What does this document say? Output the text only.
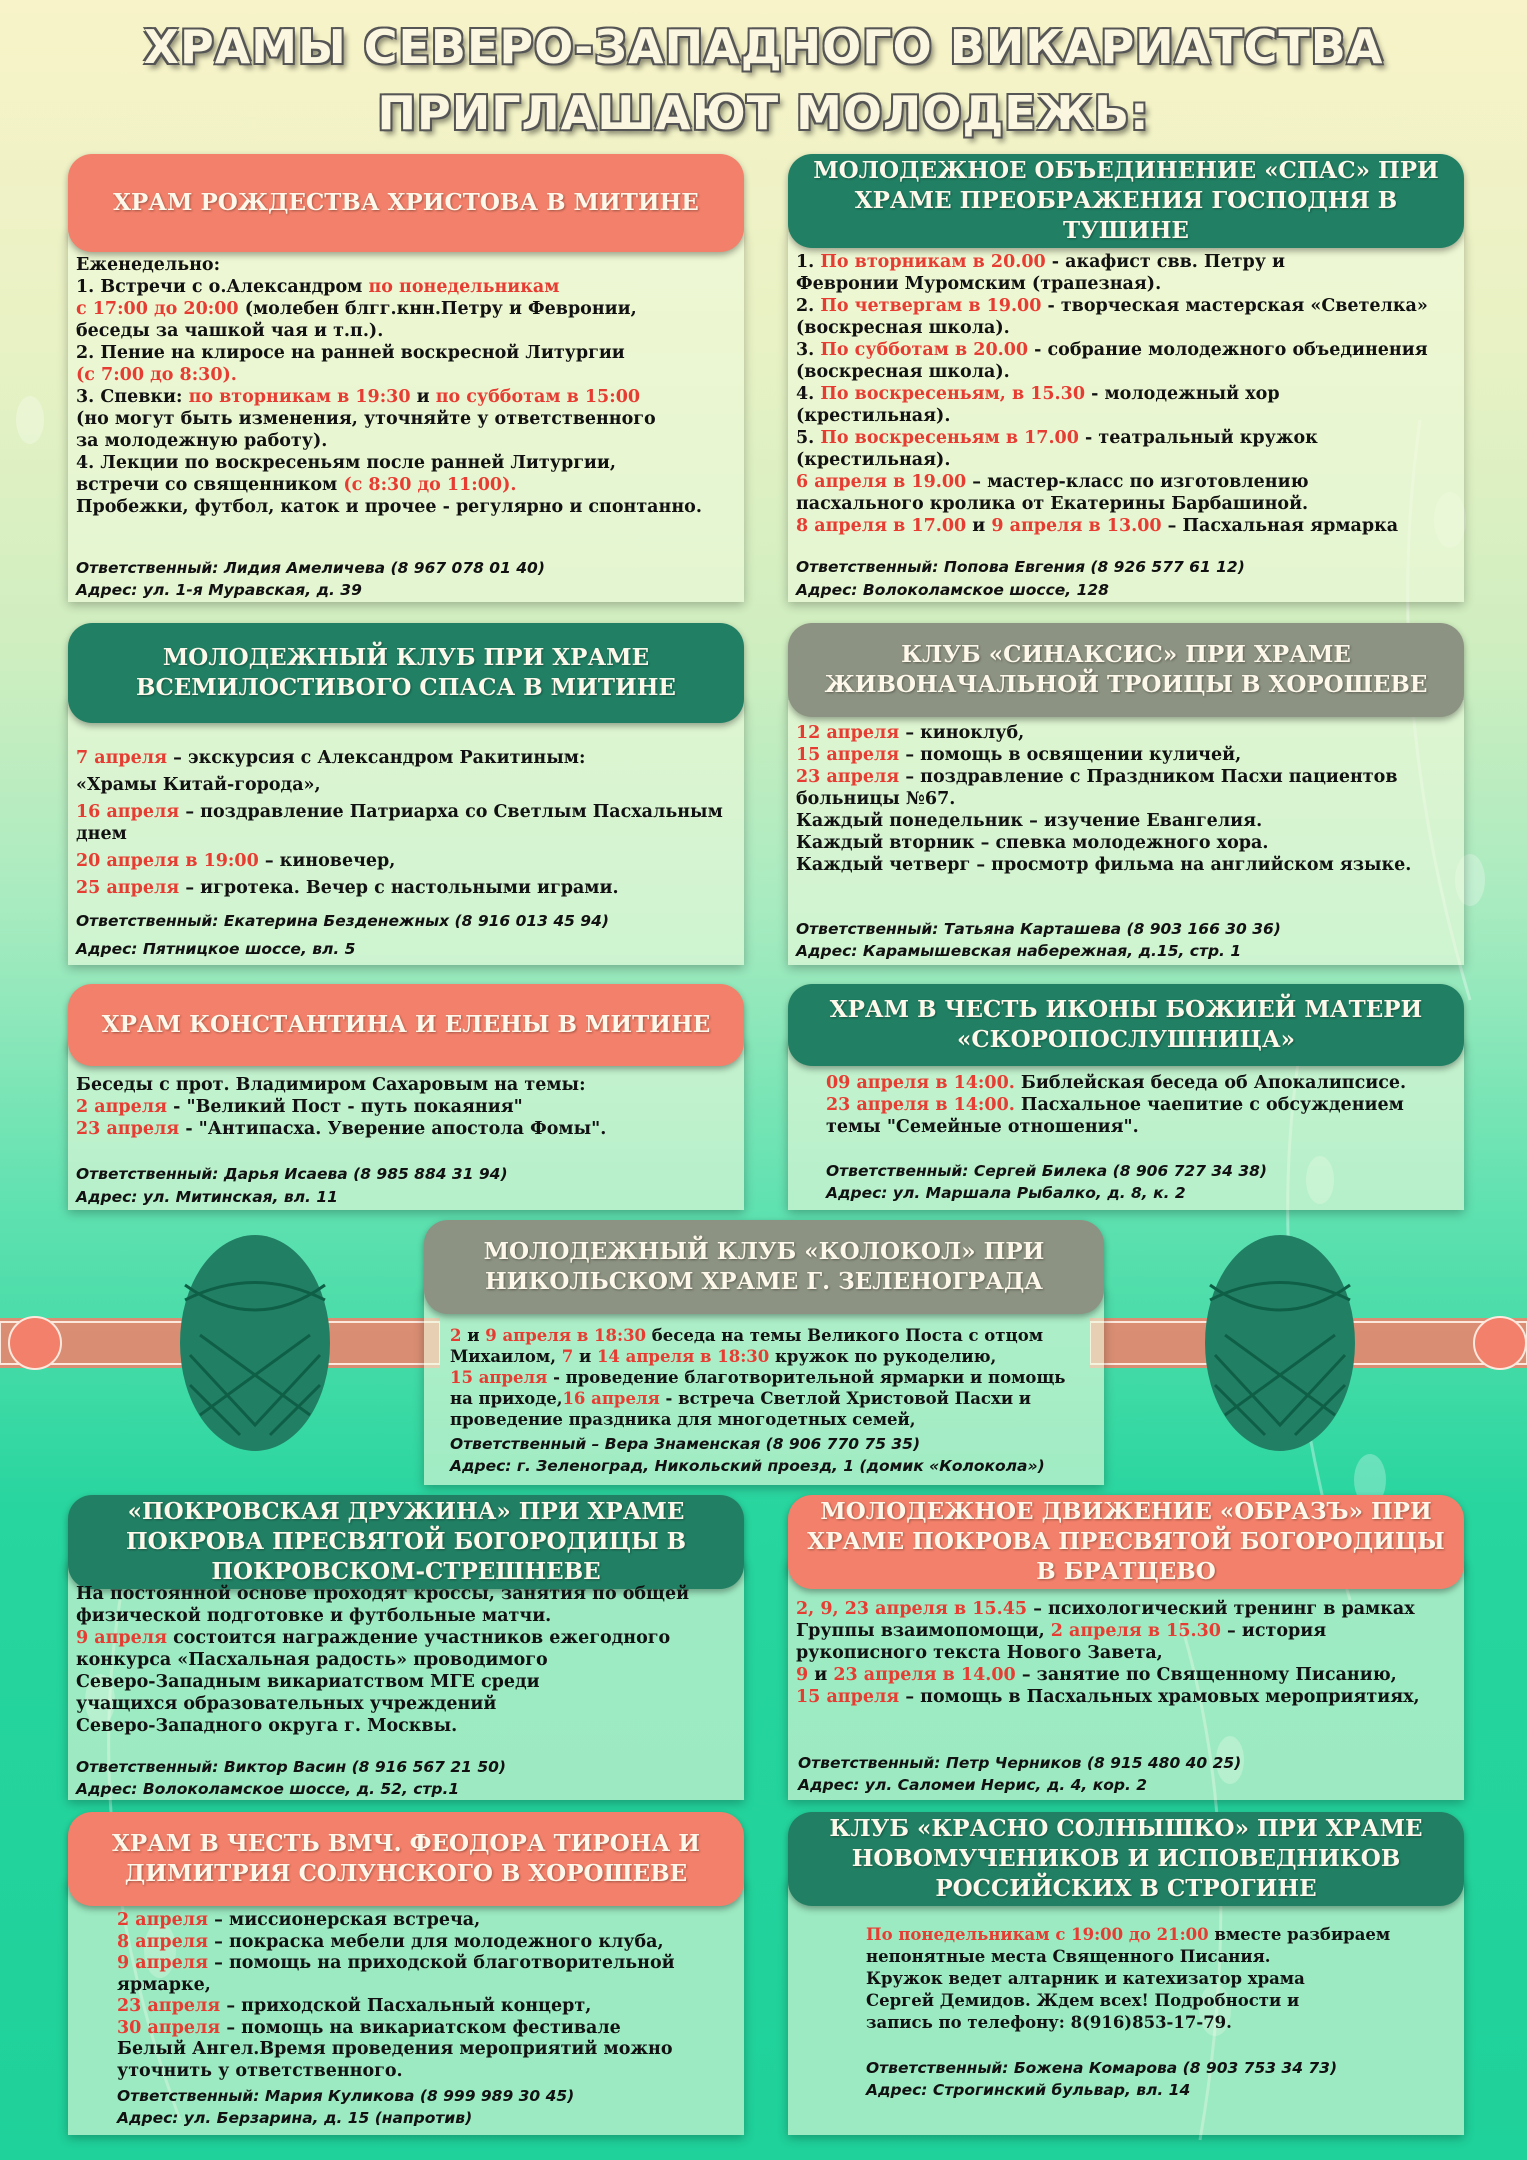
ХРАМЫ СЕВЕРО-ЗАПАДНОГО ВИКАРИАТСТВА
ПРИГЛАШАЮТ МОЛОДЕЖЬ:
ХРАМ РОЖДЕСТВА ХРИСТОВА В МИТИНЕ

Еженедельно:

1. Встречи с о.Александром по понедельникам

с 17:00 до 20:00 (молебен блгг.кнн.Петру и Февронии,

беседы за чашкой чая и т.п.).

2. Пение на клиросе на ранней воскресной Литургии

(с 7:00 до 8:30).

3. Спевки: по вторникам в 19:30 и по субботам в 15:00

(но могут быть изменения, уточняйте у ответственного

за молодежную работу).

4. Лекции по воскресеньям после ранней Литургии,

встречи со священником (с 8:30 до 11:00).

Пробежки, футбол, каток и прочее - регулярно и спонтанно.

Ответственный: Лидия Амеличева (8 967 078 01 40)
Адрес: ул. 1-я Муравская, д. 39
МОЛОДЕЖНОЕ ОБЪЕДИНЕНИЕ «СПАС» ПРИ ХРАМЕ ПРЕОБРАЖЕНИЯ ГОСПОДНЯ В ТУШИНЕ

1. По вторникам в 20.00 - акафист свв. Петру и

Февронии Муромским (трапезная).

2. По четвергам в 19.00 - творческая мастерская «Светелка»

(воскресная школа).

3. По субботам в 20.00 - собрание молодежного объединения

(воскресная школа).

4. По воскресеньям, в 15.30 - молодежный хор

(крестильная).

5. По воскресеньям в 17.00 - театральный кружок

(крестильная).

6 апреля в 19.00 – мастер-класс по изготовлению

пасхального кролика от Екатерины Барбашиной.

8 апреля в 17.00 и 9 апреля в 13.00 – Пасхальная ярмарка

Ответственный: Попова Евгения (8 926 577 61 12)
Адрес: Волоколамское шоссе, 128
МОЛОДЕЖНЫЙ КЛУБ ПРИ ХРАМЕ ВСЕМИЛОСТИВОГО СПАСА В МИТИНЕ

7 апреля – экскурсия с Александром Ракитиным:

«Храмы Китай-города»,

16 апреля – поздравление Патриарха со Светлым Пасхальным днем

20 апреля в 19:00 – киновечер,

25 апреля – игротека. Вечер с настольными играми.

Ответственный: Екатерина Безденежных (8 916 013 45 94)
Адрес: Пятницкое шоссе, вл. 5
КЛУБ «СИНАКСИС» ПРИ ХРАМЕ ЖИВОНАЧАЛЬНОЙ ТРОИЦЫ В ХОРОШЕВЕ

12 апреля – киноклуб,

15 апреля – помощь в освящении куличей,

23 апреля – поздравление с Праздником Пасхи пациентов

больницы №67.

Каждый понедельник – изучение Евангелия.

Каждый вторник – спевка молодежного хора.

Каждый четверг – просмотр фильма на английском языке.

Ответственный: Татьяна Карташева (8 903 166 30 36)
Адрес: Карамышевская набережная, д.15, стр. 1
ХРАМ КОНСТАНТИНА И ЕЛЕНЫ В МИТИНЕ

Беседы с прот. Владимиром Сахаровым на темы:

2 апреля - "Великий Пост - путь покаяния"

23 апреля - "Антипасха. Уверение апостола Фомы".

Ответственный: Дарья Исаева (8 985 884 31 94)
Адрес: ул. Митинская, вл. 11
ХРАМ В ЧЕСТЬ ИКОНЫ БОЖИЕЙ МАТЕРИ «СКОРОПОСЛУШНИЦА»

09 апреля в 14:00. Библейская беседа об Апокалипсисе.

23 апреля в 14:00. Пасхальное чаепитие с обсуждением

темы "Семейные отношения".

Ответственный: Сергей Билека (8 906 727 34 38)
Адрес: ул. Маршала Рыбалко, д. 8, к. 2
МОЛОДЕЖНЫЙ КЛУБ «КОЛОКОЛ» ПРИ НИКОЛЬСКОМ ХРАМЕ Г. ЗЕЛЕНОГРАДА

2 и 9 апреля в 18:30 беседа на темы Великого Поста с отцом

Михаилом, 7 и 14 апреля в 18:30 кружок по рукоделию,

15 апреля - проведение благотворительной ярмарки и помощь

на приходе,16 апреля - встреча Светлой Христовой Пасхи и

проведение праздника для многодетных семей,

Ответственный – Вера Знаменская (8 906 770 75 35)
Адрес: г. Зеленоград, Никольский проезд, 1 (домик «Колокола»)
«ПОКРОВСКАЯ ДРУЖИНА» ПРИ ХРАМЕ ПОКРОВА ПРЕСВЯТОЙ БОГОРОДИЦЫ В ПОКРОВСКОМ-СТРЕШНЕВЕ

На постоянной основе проходят кроссы, занятия по общей

физической подготовке и футбольные матчи.

9 апреля состоится награждение участников ежегодного

конкурса «Пасхальная радость» проводимого

Северо-Западным викариатством МГЕ среди

учащихся образовательных учреждений

Северо-Западного округа г. Москвы.

Ответственный: Виктор Васин (8 916 567 21 50)
Адрес: Волоколамское шоссе, д. 52, стр.1
МОЛОДЕЖНОЕ ДВИЖЕНИЕ «ОБРАЗЪ» ПРИ ХРАМЕ ПОКРОВА ПРЕСВЯТОЙ БОГОРОДИЦЫ В БРАТЦЕВО

2, 9, 23 апреля в 15.45 – психологический тренинг в рамках

Группы взаимопомощи, 2 апреля в 15.30 – история

рукописного текста Нового Завета,

9 и 23 апреля в 14.00 – занятие по Священному Писанию,

15 апреля – помощь в Пасхальных храмовых мероприятиях,

Ответственный: Петр Черников (8 915 480 40 25)
Адрес: ул. Саломеи Нерис, д. 4, кор. 2
ХРАМ В ЧЕСТЬ ВМЧ. ФЕОДОРА ТИРОНА И ДИМИТРИЯ СОЛУНСКОГО В ХОРОШЕВЕ

2 апреля – миссионерская встреча,

8 апреля – покраска мебели для молодежного клуба,

9 апреля – помощь на приходской благотворительной

ярмарке,

23 апреля – приходской Пасхальный концерт,

30 апреля – помощь на викариатском фестивале

Белый Ангел.Время проведения мероприятий можно

уточнить у ответственного.

Ответственный: Мария Куликова (8 999 989 30 45)
Адрес: ул. Берзарина, д. 15 (напротив)
КЛУБ «КРАСНО СОЛНЫШКО» ПРИ ХРАМЕ НОВОМУЧЕНИКОВ И ИСПОВЕДНИКОВ РОССИЙСКИХ В СТРОГИНЕ

По понедельникам с 19:00 до 21:00 вместе разбираем

непонятные места Священного Писания.

Кружок ведет алтарник и катехизатор храма

Сергей Демидов. Ждем всех! Подробности и

запись по телефону: 8(916)853-17-79.

Ответственный: Божена Комарова (8 903 753 34 73)
Адрес: Строгинский бульвар, вл. 14
